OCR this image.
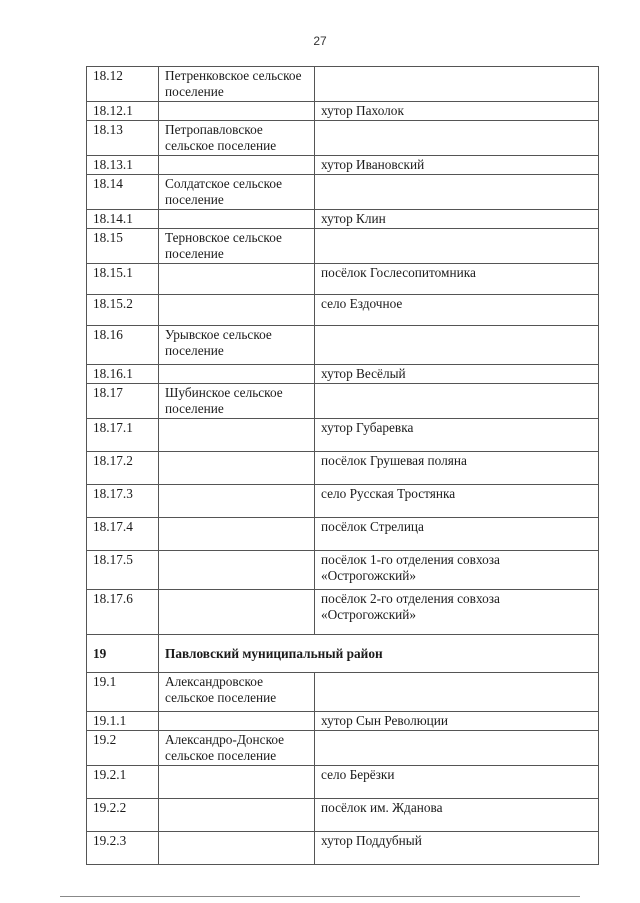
27
18.12	Петренковское сельское поселение	
18.12.1		хутор Пахолок
18.13	Петропавловское сельское поселение	
18.13.1		хутор Ивановский
18.14	Солдатское сельское поселение	
18.14.1		хутор Клин
18.15	Терновское сельское поселение	
18.15.1		посёлок Гослесопитомника
18.15.2		село Ездочное
18.16	Урывское сельское поселение	
18.16.1		хутор Весёлый
18.17	Шубинское сельское поселение	
18.17.1		хутор Губаревка
18.17.2		посёлок Грушевая поляна
18.17.3		село Русская Тростянка
18.17.4		посёлок Стрелица
18.17.5		посёлок 1-го отделения совхоза «Острогожский»
18.17.6		посёлок 2-го отделения совхоза «Острогожский»
19	Павловский муниципальный район	
19.1	Александровское сельское поселение	
19.1.1		хутор Сын Революции
19.2	Александро-Донское сельское поселение	
19.2.1		село Берёзки
19.2.2		посёлок им. Жданова
19.2.3		хутор Поддубный
